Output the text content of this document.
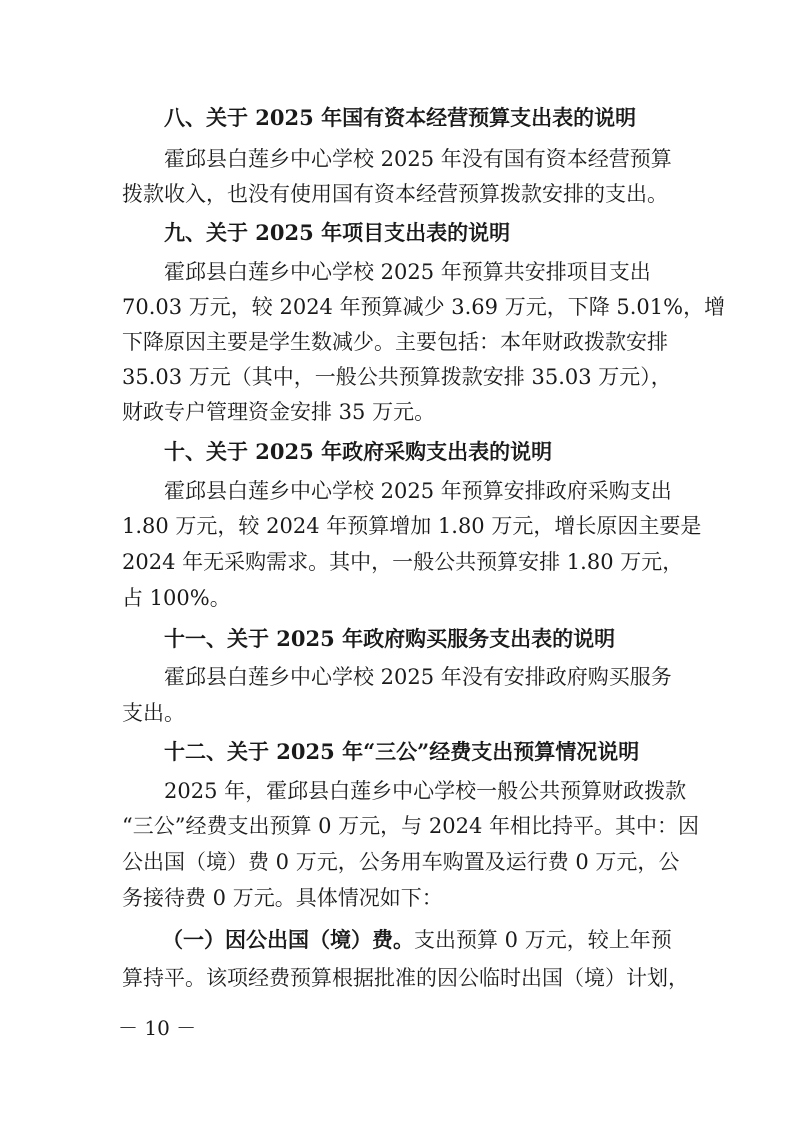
八、关于 2025 年国有资本经营预算支出表的说明
霍邱县白莲乡中心学校 2025 年没有国有资本经营预算
拨款收入，也没有使用国有资本经营预算拨款安排的支出。
九、关于 2025 年项目支出表的说明
霍邱县白莲乡中心学校 2025 年预算共安排项目支出
70.03 万元，较 2024 年预算减少 3.69 万元，下降 5.01%，增
下降原因主要是学生数减少。主要包括：本年财政拨款安排
35.03 万元（其中，一般公共预算拨款安排 35.03 万元），
财政专户管理资金安排 35 万元。
十、关于 2025 年政府采购支出表的说明
霍邱县白莲乡中心学校 2025 年预算安排政府采购支出
1.80 万元，较 2024 年预算增加 1.80 万元，增长原因主要是
2024 年无采购需求。其中，一般公共预算安排 1.80 万元，
占 100%。
十一、关于 2025 年政府购买服务支出表的说明
霍邱县白莲乡中心学校 2025 年没有安排政府购买服务
支出。
十二、关于 2025 年“三公”经费支出预算情况说明
2025 年，霍邱县白莲乡中心学校一般公共预算财政拨款
“三公”经费支出预算 0 万元，与 2024 年相比持平。其中：因
公出国（境）费 0 万元，公务用车购置及运行费 0 万元，公
务接待费 0 万元。具体情况如下：
（一）因公出国（境）费。支出预算 0 万元，较上年预
算持平。该项经费预算根据批准的因公临时出国（境）计划，
－ 10 －
